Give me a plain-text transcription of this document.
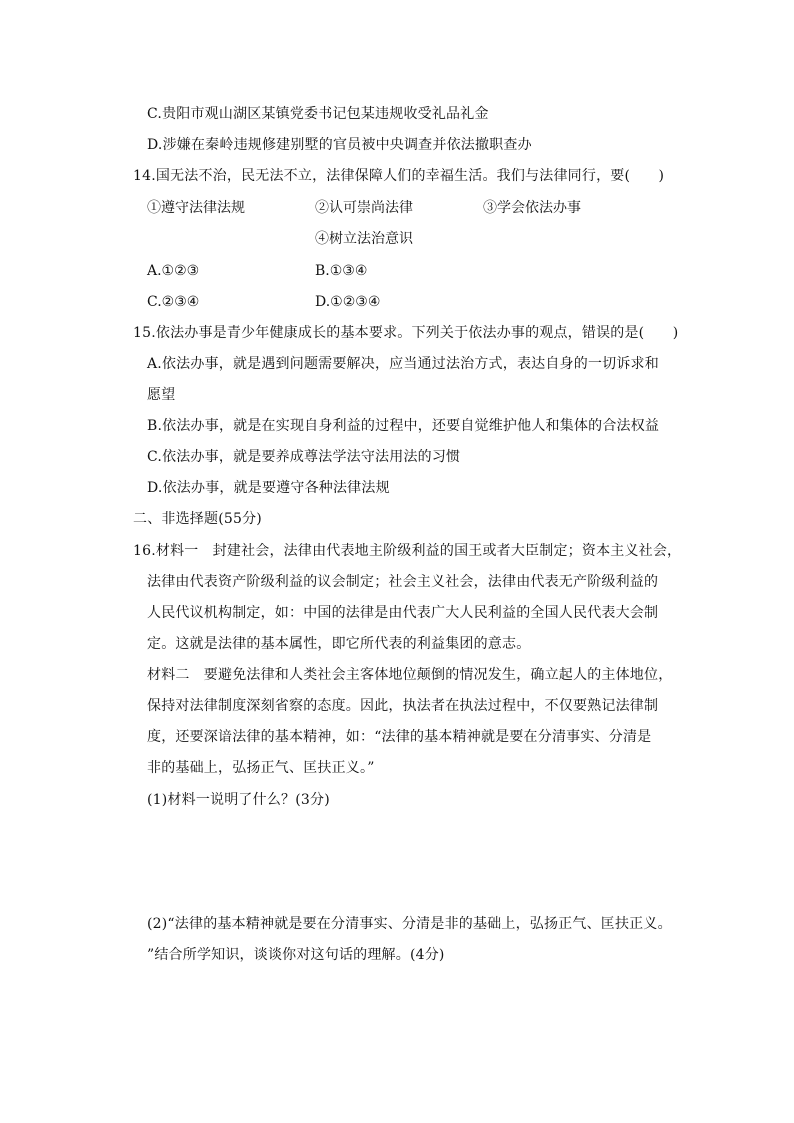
C.贵阳市观山湖区某镇党委书记包某违规收受礼品礼金
D.涉嫌在秦岭违规修建别墅的官员被中央调查并依法撤职查办
14.国无法不治，民无法不立，法律保障人们的幸福生活。我们与法律同行，要(　　)
①遵守法律法规	②认可崇尚法律	③学会依法办事
④树立法治意识
A.①②③	B.①③④
C.②③④	D.①②③④
15.依法办事是青少年健康成长的基本要求。下列关于依法办事的观点，错误的是(　　)
A.依法办事，就是遇到问题需要解决，应当通过法治方式，表达自身的一切诉求和
愿望
B.依法办事，就是在实现自身利益的过程中，还要自觉维护他人和集体的合法权益
C.依法办事，就是要养成尊法学法守法用法的习惯
D.依法办事，就是要遵守各种法律法规
二、非选择题(55分)
16.材料一　封建社会，法律由代表地主阶级利益的国王或者大臣制定；资本主义社会，
法律由代表资产阶级利益的议会制定；社会主义社会，法律由代表无产阶级利益的
人民代议机构制定，如：中国的法律是由代表广大人民利益的全国人民代表大会制
定。这就是法律的基本属性，即它所代表的利益集团的意志。
材料二　要避免法律和人类社会主客体地位颠倒的情况发生，确立起人的主体地位，
保持对法律制度深刻省察的态度。因此，执法者在执法过程中，不仅要熟记法律制
度，还要深谙法律的基本精神，如：“法律的基本精神就是要在分清事实、分清是
非的基础上，弘扬正气、匡扶正义。”
(1)材料一说明了什么？(3分)
(2)“法律的基本精神就是要在分清事实、分清是非的基础上，弘扬正气、匡扶正义。
”结合所学知识，谈谈你对这句话的理解。(4分)
